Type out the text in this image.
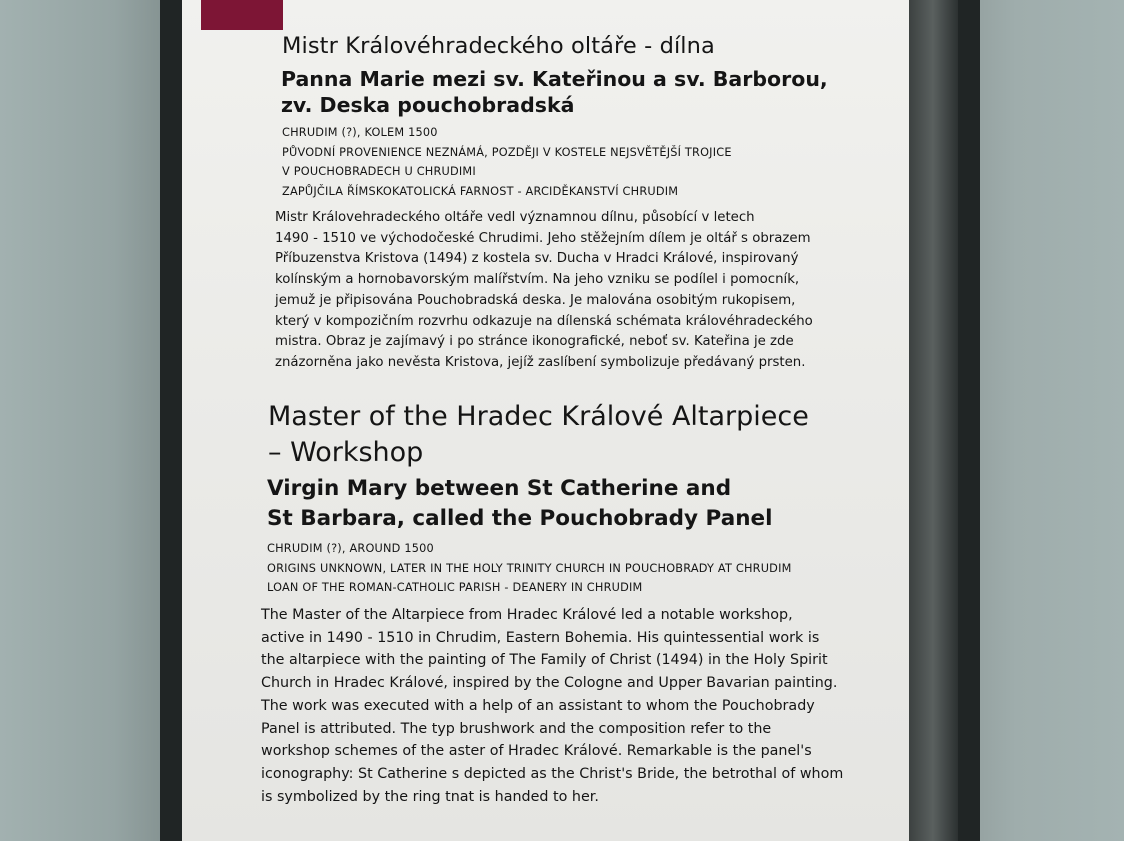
Mistr Královéhradeckého oltáře - dílna
Panna Marie mezi sv. Kateřinou a sv. Barborou,
zv. Deska pouchobradská
CHRUDIM (?), KOLEM 1500
PŮVODNÍ PROVENIENCE NEZNÁMÁ, POZDĚJI V KOSTELE NEJSVĚTĚJŠÍ TROJICE
V POUCHOBRADECH U CHRUDIMI
ZAPŮJČILA ŘÍMSKOKATOLICKÁ FARNOST - ARCIDĚKANSTVÍ CHRUDIM
Mistr Královehradeckého oltáře vedl významnou dílnu, působící v letech
1490 - 1510 ve východočeské Chrudimi. Jeho stěžejním dílem je oltář s obrazem
Příbuzenstva Kristova (1494) z kostela sv. Ducha v Hradci Králové, inspirovaný
kolínským a hornobavorským malířstvím. Na jeho vzniku se podílel i pomocník,
jemuž je připisována Pouchobradská deska. Je malována osobitým rukopisem,
který v kompozičním rozvrhu odkazuje na dílenská schémata královéhradeckého
mistra. Obraz je zajímavý i po stránce ikonografické, neboť sv. Kateřina je zde
znázorněna jako nevěsta Kristova, jejíž zaslíbení symbolizuje předávaný prsten.
Master of the Hradec Králové Altarpiece
– Workshop
Virgin Mary between St Catherine and
St Barbara, called the Pouchobrady Panel
CHRUDIM (?), AROUND 1500
ORIGINS UNKNOWN, LATER IN THE HOLY TRINITY CHURCH IN POUCHOBRADY AT CHRUDIM
LOAN OF THE ROMAN-CATHOLIC PARISH - DEANERY IN CHRUDIM
The Master of the Altarpiece from Hradec Králové led a notable workshop,
active in 1490 - 1510 in Chrudim, Eastern Bohemia. His quintessential work is
the altarpiece with the painting of The Family of Christ (1494) in the Holy Spirit
Church in Hradec Králové, inspired by the Cologne and Upper Bavarian painting.
The work was executed with a help of an assistant to whom the Pouchobrady
Panel is attributed. The typ brushwork and the composition refer to the
workshop schemes of the aster of Hradec Králové. Remarkable is the panel's
iconography: St Catherine s depicted as the Christ's Bride, the betrothal of whom
is symbolized by the ring tnat is handed to her.
